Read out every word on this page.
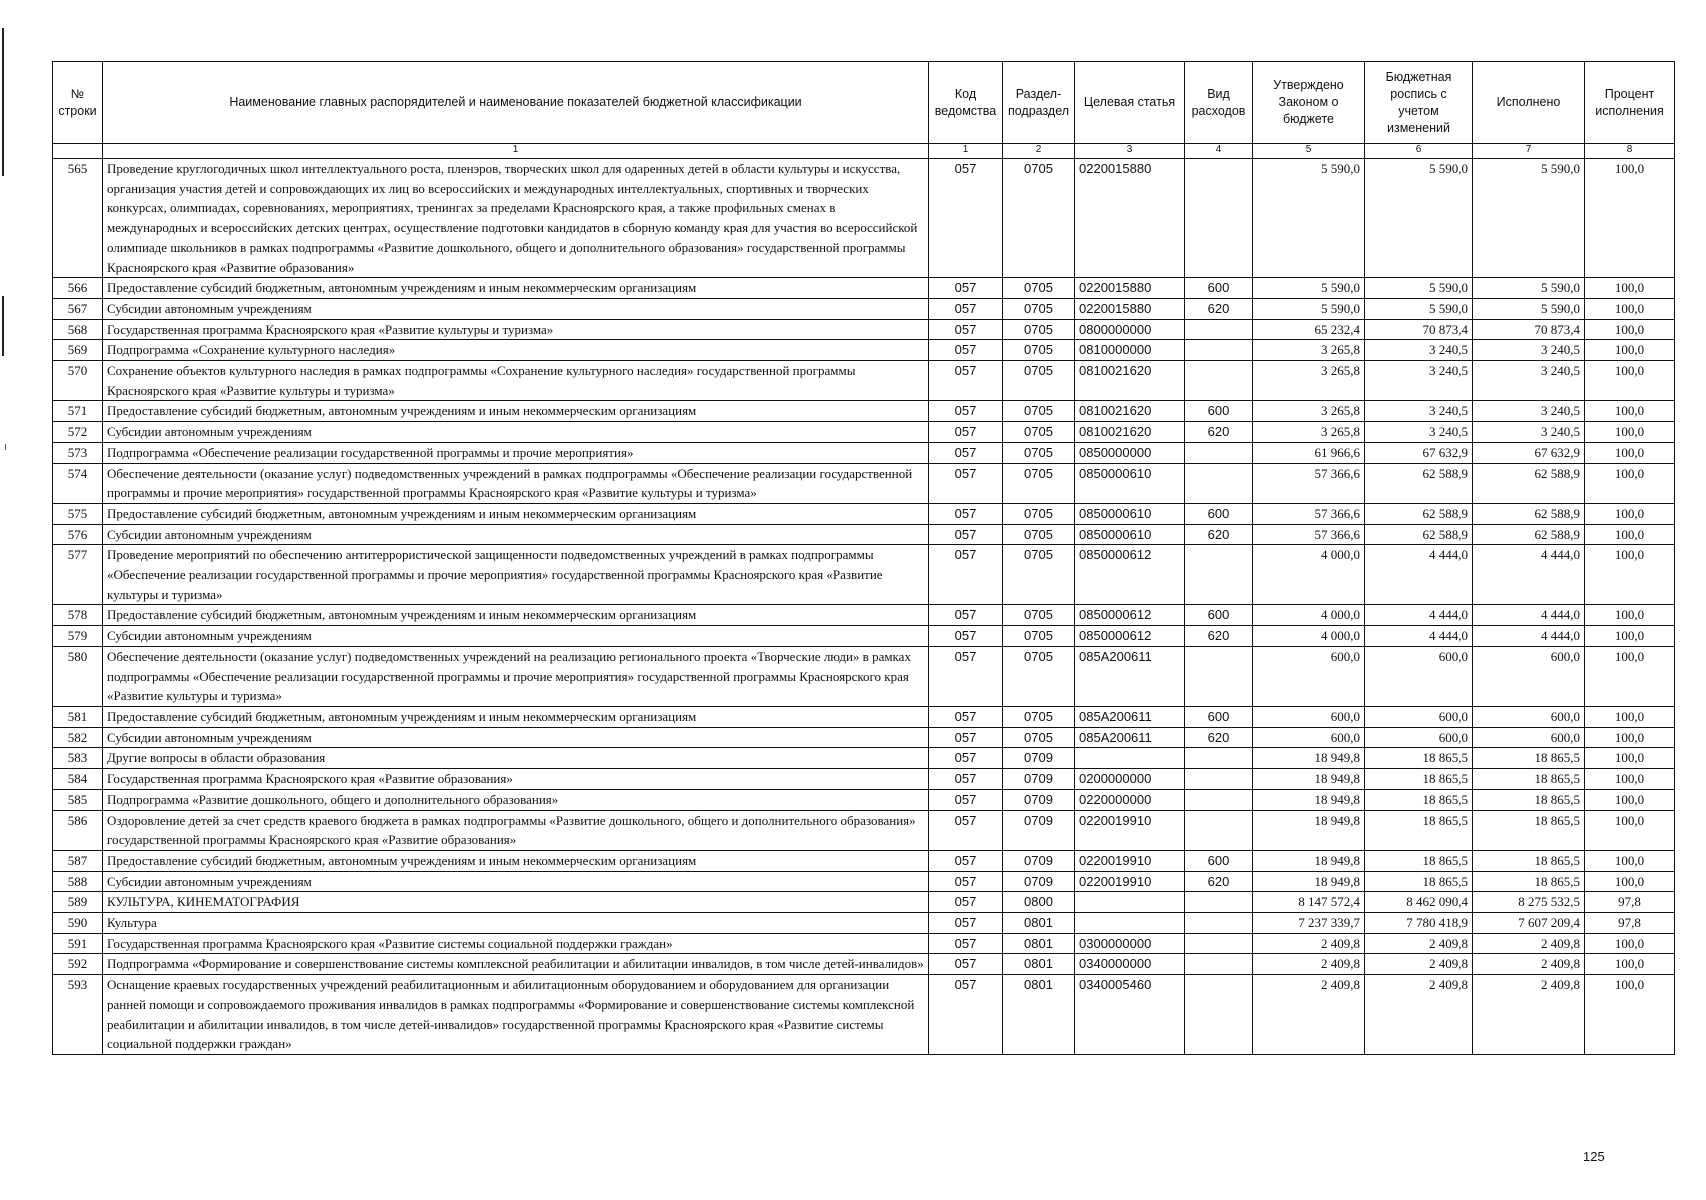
№ строки	Наименование главных распорядителей и наименование показателей бюджетной классификации	Код ведомства	Раздел-подраздел	Целевая статья	Вид расходов	Утверждено Законом о бюджете	Бюджетная роспись с учетом изменений	Исполнено	Процент исполнения
	1	1	2	3	4	5	6	7	8
565	Проведение круглогодичных школ интеллектуального роста, пленэров, творческих школ для одаренных детей в области культуры и искусства, организация участия детей и сопровождающих их лиц во всероссийских и международных интеллектуальных, спортивных и творческих конкурсах, олимпиадах, соревнованиях, мероприятиях, тренингах за пределами Красноярского края, а также профильных сменах в международных и всероссийских детских центрах, осуществление подготовки кандидатов в сборную команду края для участия во всероссийской олимпиаде школьников в рамках подпрограммы «Развитие дошкольного, общего и дополнительного образования» государственной программы Красноярского края «Развитие образования»	057	0705	0220015880		5 590,0	5 590,0	5 590,0	100,0
566	Предоставление субсидий бюджетным, автономным учреждениям и иным некоммерческим организациям	057	0705	0220015880	600	5 590,0	5 590,0	5 590,0	100,0
567	Субсидии автономным учреждениям	057	0705	0220015880	620	5 590,0	5 590,0	5 590,0	100,0
568	Государственная программа Красноярского края «Развитие культуры и туризма»	057	0705	0800000000		65 232,4	70 873,4	70 873,4	100,0
569	Подпрограмма «Сохранение культурного наследия»	057	0705	0810000000		3 265,8	3 240,5	3 240,5	100,0
570	Сохранение объектов культурного наследия в рамках подпрограммы «Сохранение культурного наследия» государственной программы Красноярского края «Развитие культуры и туризма»	057	0705	0810021620		3 265,8	3 240,5	3 240,5	100,0
571	Предоставление субсидий бюджетным, автономным учреждениям и иным некоммерческим организациям	057	0705	0810021620	600	3 265,8	3 240,5	3 240,5	100,0
572	Субсидии автономным учреждениям	057	0705	0810021620	620	3 265,8	3 240,5	3 240,5	100,0
573	Подпрограмма «Обеспечение реализации государственной программы и прочие мероприятия»	057	0705	0850000000		61 966,6	67 632,9	67 632,9	100,0
574	Обеспечение деятельности (оказание услуг) подведомственных учреждений в рамках подпрограммы «Обеспечение реализации государственной программы и прочие мероприятия» государственной программы Красноярского края «Развитие культуры и туризма»	057	0705	0850000610		57 366,6	62 588,9	62 588,9	100,0
575	Предоставление субсидий бюджетным, автономным учреждениям и иным некоммерческим организациям	057	0705	0850000610	600	57 366,6	62 588,9	62 588,9	100,0
576	Субсидии автономным учреждениям	057	0705	0850000610	620	57 366,6	62 588,9	62 588,9	100,0
577	Проведение мероприятий по обеспечению антитеррористической защищенности подведомственных учреждений в рамках подпрограммы «Обеспечение реализации государственной программы и прочие мероприятия» государственной программы Красноярского края «Развитие культуры и туризма»	057	0705	0850000612		4 000,0	4 444,0	4 444,0	100,0
578	Предоставление субсидий бюджетным, автономным учреждениям и иным некоммерческим организациям	057	0705	0850000612	600	4 000,0	4 444,0	4 444,0	100,0
579	Субсидии автономным учреждениям	057	0705	0850000612	620	4 000,0	4 444,0	4 444,0	100,0
580	Обеспечение деятельности (оказание услуг) подведомственных учреждений на реализацию регионального проекта «Творческие люди» в рамках подпрограммы «Обеспечение реализации государственной программы и прочие мероприятия» государственной программы Красноярского края «Развитие культуры и туризма»	057	0705	085A200611		600,0	600,0	600,0	100,0
581	Предоставление субсидий бюджетным, автономным учреждениям и иным некоммерческим организациям	057	0705	085A200611	600	600,0	600,0	600,0	100,0
582	Субсидии автономным учреждениям	057	0705	085A200611	620	600,0	600,0	600,0	100,0
583	Другие вопросы в области образования	057	0709			18 949,8	18 865,5	18 865,5	100,0
584	Государственная программа Красноярского края «Развитие образования»	057	0709	0200000000		18 949,8	18 865,5	18 865,5	100,0
585	Подпрограмма «Развитие дошкольного, общего и дополнительного образования»	057	0709	0220000000		18 949,8	18 865,5	18 865,5	100,0
586	Оздоровление детей за счет средств краевого бюджета в рамках подпрограммы «Развитие дошкольного, общего и дополнительного образования» государственной программы Красноярского края «Развитие образования»	057	0709	0220019910		18 949,8	18 865,5	18 865,5	100,0
587	Предоставление субсидий бюджетным, автономным учреждениям и иным некоммерческим организациям	057	0709	0220019910	600	18 949,8	18 865,5	18 865,5	100,0
588	Субсидии автономным учреждениям	057	0709	0220019910	620	18 949,8	18 865,5	18 865,5	100,0
589	КУЛЬТУРА, КИНЕМАТОГРАФИЯ	057	0800			8 147 572,4	8 462 090,4	8 275 532,5	97,8
590	Культура	057	0801			7 237 339,7	7 780 418,9	7 607 209,4	97,8
591	Государственная программа Красноярского края «Развитие системы социальной поддержки граждан»	057	0801	0300000000		2 409,8	2 409,8	2 409,8	100,0
592	Подпрограмма «Формирование и совершенствование системы комплексной реабилитации и абилитации инвалидов, в том числе детей-инвалидов»	057	0801	0340000000		2 409,8	2 409,8	2 409,8	100,0
593	Оснащение краевых государственных учреждений реабилитационным и абилитационным оборудованием и оборудованием для организации ранней помощи и сопровождаемого проживания инвалидов в рамках подпрограммы «Формирование и совершенствование системы комплексной реабилитации и абилитации инвалидов, в том числе детей-инвалидов» государственной программы Красноярского края «Развитие системы социальной поддержки граждан»	057	0801	0340005460		2 409,8	2 409,8	2 409,8	100,0
125
